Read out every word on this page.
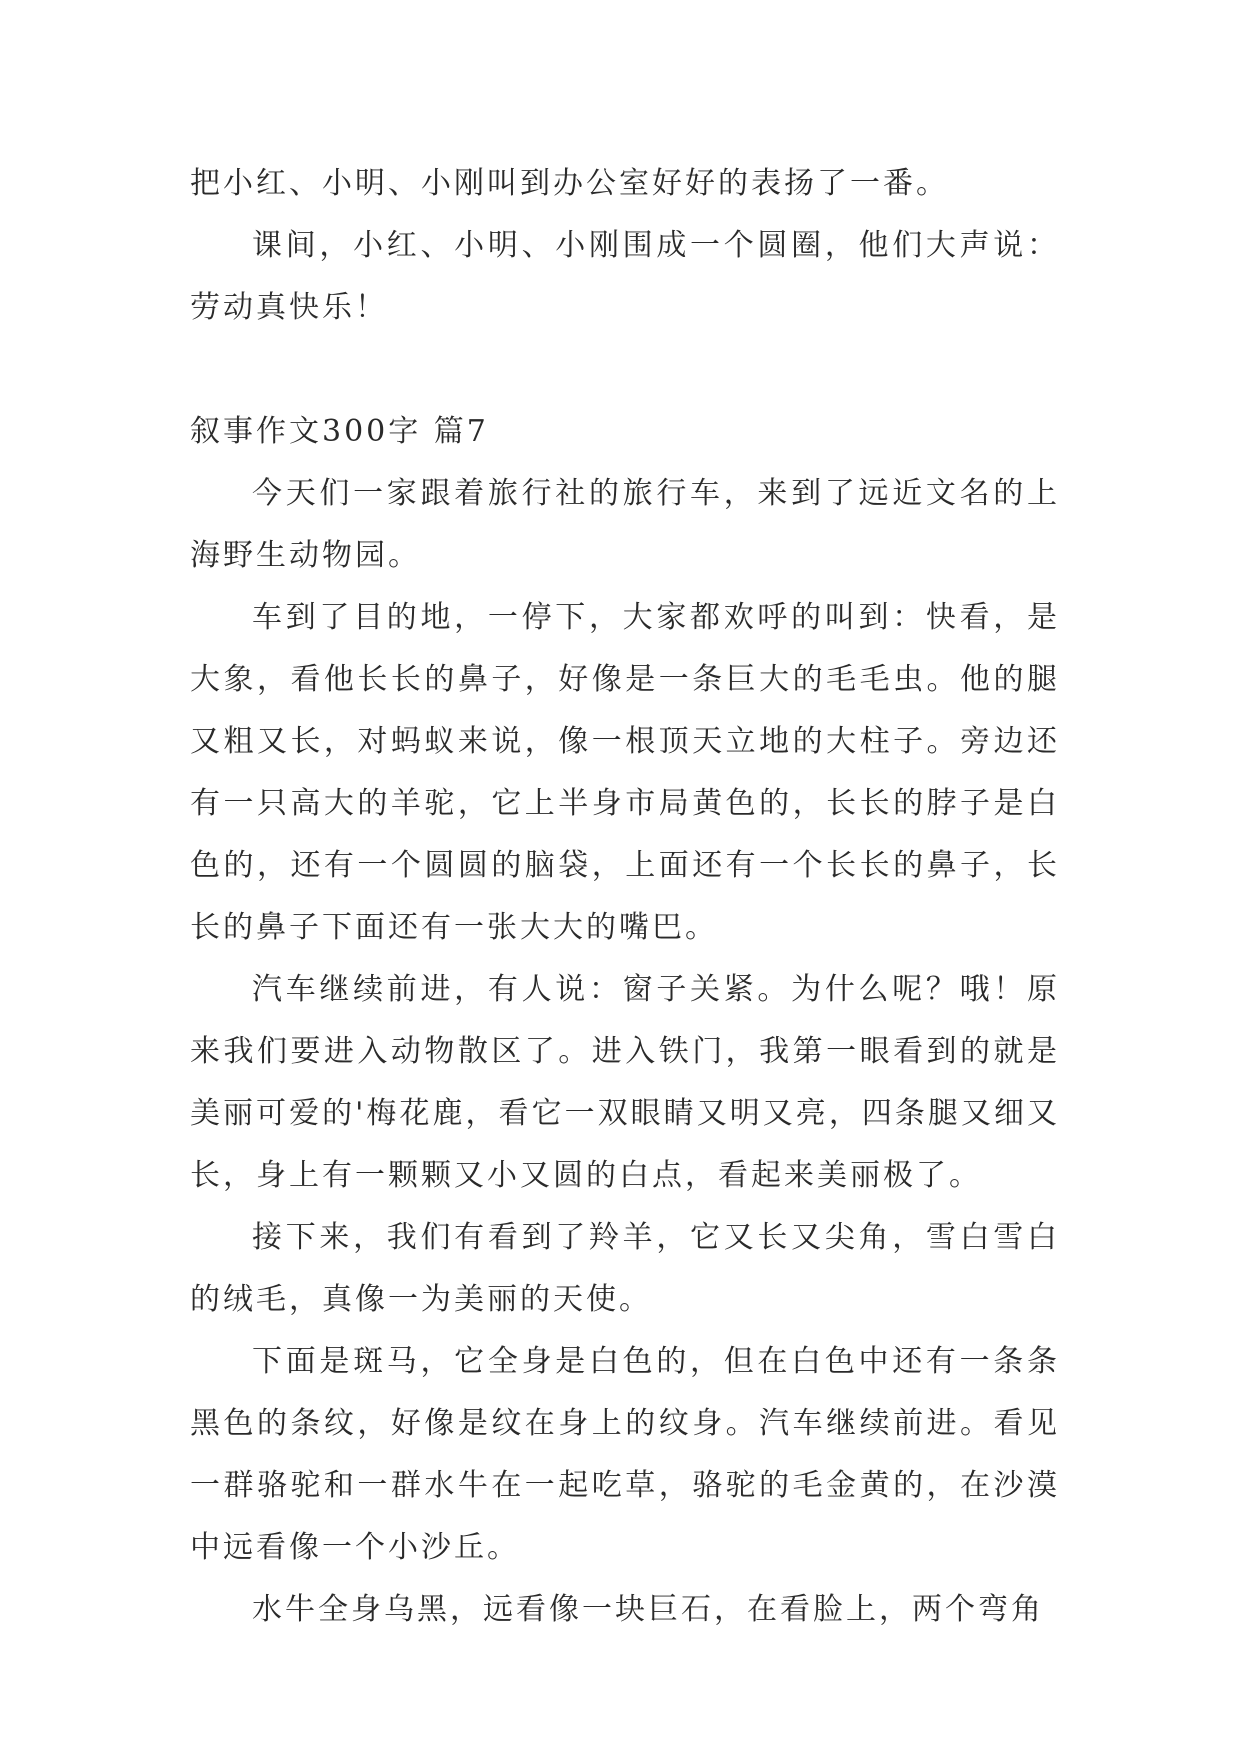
把小红、小明、小刚叫到办公室好好的表扬了一番。

课间，小红、小明、小刚围成一个圆圈，他们大声说：劳动真快乐！

叙事作文300字 篇7

今天们一家跟着旅行社的旅行车，来到了远近文名的上海野生动物园。

车到了目的地，一停下，大家都欢呼的叫到：快看，是大象，看他长长的鼻子，好像是一条巨大的毛毛虫。他的腿又粗又长，对蚂蚁来说，像一根顶天立地的大柱子。旁边还有一只高大的羊驼，它上半身市局黄色的，长长的脖子是白色的，还有一个圆圆的脑袋，上面还有一个长长的鼻子，长长的鼻子下面还有一张大大的嘴巴。

汽车继续前进，有人说：窗子关紧。为什么呢？哦！原来我们要进入动物散区了。进入铁门，我第一眼看到的就是美丽可爱的'梅花鹿，看它一双眼睛又明又亮，四条腿又细又长，身上有一颗颗又小又圆的白点，看起来美丽极了。

接下来，我们有看到了羚羊，它又长又尖角，雪白雪白的绒毛，真像一为美丽的天使。

下面是斑马，它全身是白色的，但在白色中还有一条条黑色的条纹，好像是纹在身上的纹身。汽车继续前进。看见一群骆驼和一群水牛在一起吃草，骆驼的毛金黄的，在沙漠中远看像一个小沙丘。

水牛全身乌黑，远看像一块巨石，在看脸上，两个弯角
